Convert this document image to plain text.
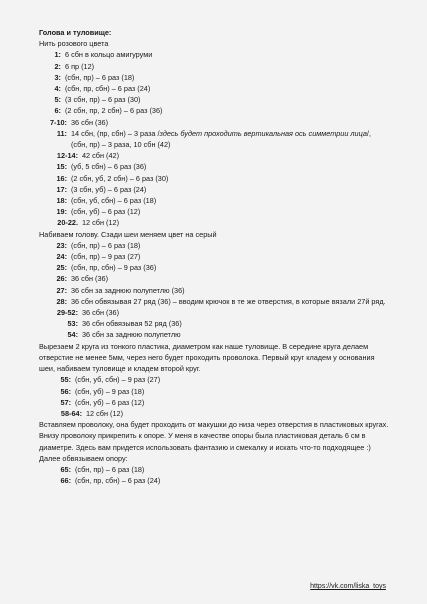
Голова и туловище:
Нить розового цвета
1: 6 сбн в кольцо амигуруми
2: 6 пр (12)
3: (сбн, пр) – 6 раз (18)
4: (сбн, пр, сбн) – 6 раз (24)
5: (3 сбн, пр) – 6 раз (30)
6: (2 сбн, пр, 2 сбн) – 6 раз (36)
7-10: 36 сбн (36)
11: 14 сбн, (пр, сбн) – 3 раза /здесь будет проходить вертикальная ось симметрии лица/, (сбн, пр) – 3 раза, 10 сбн (42)
12-14: 42 сбн (42)
15: (уб, 5 сбн) – 6 раз (36)
16: (2 сбн, уб, 2 сбн) – 6 раз (30)
17: (3 сбн, уб) – 6 раз (24)
18: (сбн, уб, сбн) – 6 раз (18)
19: (сбн, уб) – 6 раз (12)
20-22. 12 сбн (12)
Набиваем голову. Сзади шеи меняем цвет на серый
23: (сбн, пр) – 6 раз (18)
24: (сбн, пр) – 9 раз (27)
25: (сбн, пр, сбн) – 9 раз (36)
26: 36 сбн (36)
27: 36 сбн за заднюю полупетлю (36)
28: 36 сбн обвязывая 27 ряд (36) – вводим крючок в те же отверстия, в которые вязали 27й ряд.
29-52: 36 сбн (36)
53: 36 сбн обвязывая 52 ряд (36)
54: 36 сбн за заднюю полупетлю
Вырезаем 2 круга из тонкого пластика, диаметром как наше туловище. В середине круга делаем отверстие не менее 5мм, через него будет проходить проволока. Первый круг кладем у основания шеи, набиваем туловище и кладем второй круг.
55: (сбн, уб, сбн) – 9 раз (27)
56: (сбн, уб) – 9 раз (18)
57: (сбн, уб) – 6 раз (12)
58-64: 12 сбн (12)
Вставляем проволоку, она будет проходить от макушки до низа через отверстия в пластиковых кругах. Внизу проволоку прикрепить к опоре. У меня в качестве опоры была пластиковая деталь 6 см в диаметре. Здесь вам придется использовать фантазию и смекалку и искать что-то подходящее :)
Далее обвязываем опору:
65: (сбн, пр) – 6 раз (18)
66: (сбн, пр, сбн) – 6 раз (24)
https://vk.com/liska_toys
